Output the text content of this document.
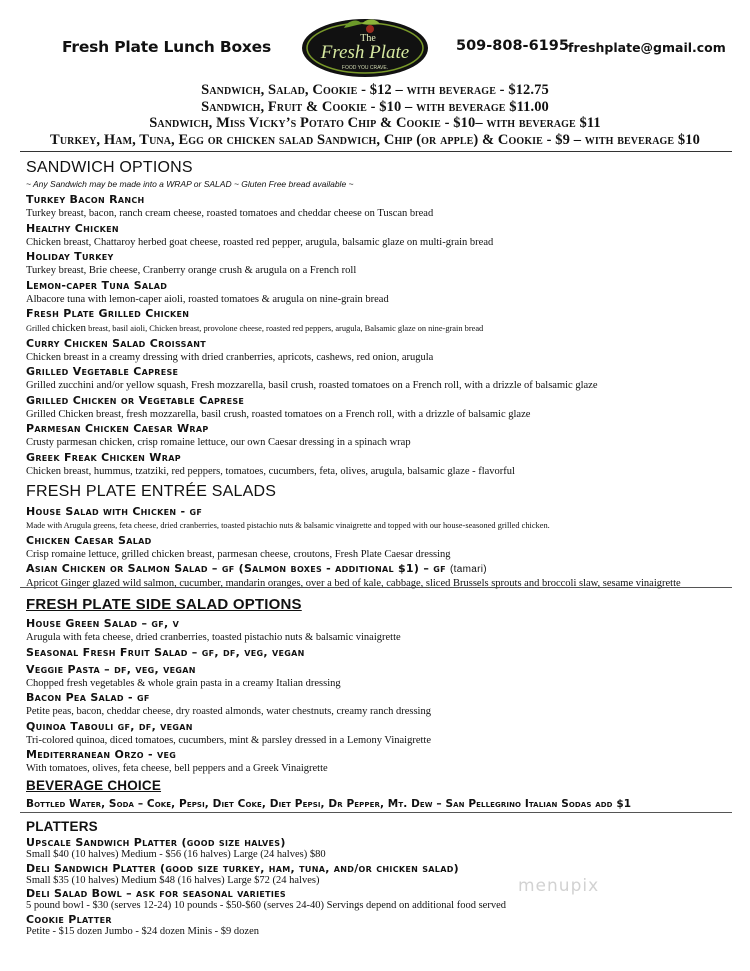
Fresh Plate Lunch Boxes	The
Fresh Plate
FOOD YOU CRAVE.
509-808-6195 freshplate@gmail.com
Sandwich, Salad, Cookie - $12 – with beverage - $12.75
Sandwich, Fruit & Cookie - $10 – with beverage $11.00
Sandwich, Miss Vicky’s Potato Chip & Cookie - $10– with beverage $11
Turkey, Ham, Tuna, Egg or chicken salad Sandwich, Chip (or apple) & Cookie - $9 – with beverage $10
SANDWICH OPTIONS
~ Any Sandwich may be made into a WRAP or SALAD ~ Gluten Free bread available ~
Turkey Bacon Ranch
Turkey breast, bacon, ranch cream cheese, roasted tomatoes and cheddar cheese on Tuscan bread
Healthy Chicken
Chicken breast, Chattaroy herbed goat cheese, roasted red pepper, arugula, balsamic glaze on multi-grain bread
Holiday Turkey
Turkey breast, Brie cheese, Cranberry orange crush & arugula on a French roll
Lemon-caper Tuna Salad
Albacore tuna with lemon-caper aioli, roasted tomatoes & arugula on nine-grain bread
Fresh Plate Grilled Chicken
Grilled chicken breast, basil aioli, Chicken breast, provolone cheese, roasted red peppers, arugula, Balsamic glaze on nine-grain bread
Curry Chicken Salad Croissant
Chicken breast in a creamy dressing with dried cranberries, apricots, cashews, red onion, arugula
Grilled Vegetable Caprese
Grilled zucchini and/or yellow squash, Fresh mozzarella, basil crush, roasted tomatoes on a French roll, with a drizzle of balsamic glaze
Grilled Chicken or Vegetable Caprese
Grilled Chicken breast, fresh mozzarella, basil crush, roasted tomatoes on a French roll, with a drizzle of balsamic glaze
Parmesan Chicken Caesar Wrap
Crusty parmesan chicken, crisp romaine lettuce, our own Caesar dressing in a spinach wrap
Greek Freak Chicken Wrap
Chicken breast, hummus, tzatziki, red peppers, tomatoes, cucumbers, feta, olives, arugula, balsamic glaze - flavorful
FRESH PLATE ENTRÉE SALADS
House Salad with Chicken - gf
Made with Arugula greens, feta cheese, dried cranberries, toasted pistachio nuts & balsamic vinaigrette and topped with our house-seasoned grilled chicken.
Chicken Caesar Salad
Crisp romaine lettuce, grilled chicken breast, parmesan cheese, croutons, Fresh Plate Caesar dressing
Asian Chicken or Salmon Salad – gf (Salmon boxes - additional $1) – gf (tamari)
Apricot Ginger glazed wild salmon, cucumber, mandarin oranges, over a bed of kale, cabbage, sliced Brussels sprouts and broccoli slaw, sesame vinaigrette
FRESH PLATE SIDE SALAD OPTIONS
House Green Salad – gf, v
Arugula with feta cheese, dried cranberries, toasted pistachio nuts & balsamic vinaigrette
Seasonal Fresh Fruit Salad – gf, df, veg, vegan
Veggie Pasta – df, veg, vegan
Chopped fresh vegetables & whole grain pasta in a creamy Italian dressing
Bacon Pea Salad - gf
Petite peas, bacon, cheddar cheese, dry roasted almonds, water chestnuts, creamy ranch dressing
Quinoa Tabouli gf, df, vegan
Tri-colored quinoa, diced tomatoes, cucumbers, mint & parsley dressed in a Lemony Vinaigrette
Mediterranean Orzo - veg
With tomatoes, olives, feta cheese, bell peppers and a Greek Vinaigrette
BEVERAGE CHOICE
Bottled Water, Soda – Coke, Pepsi, Diet Coke, Diet Pepsi, Dr Pepper, Mt. Dew – San Pellegrino Italian Sodas add $1
PLATTERS
Upscale Sandwich Platter (good size halves)
Small $40 (10 halves) Medium - $56 (16 halves) Large (24 halves) $80
Deli Sandwich Platter (good size turkey, ham, tuna, and/or chicken salad)
Small $35 (10 halves) Medium $48 (16 halves) Large $72 (24 halves)
Deli Salad Bowl – ask for seasonal varieties
5 pound bowl - $30 (serves 12-24) 10 pounds - $50-$60 (serves 24-40) Servings depend on additional food served
Cookie Platter
Petite - $15 dozen Jumbo - $24 dozen Minis - $9 dozen
menupix
